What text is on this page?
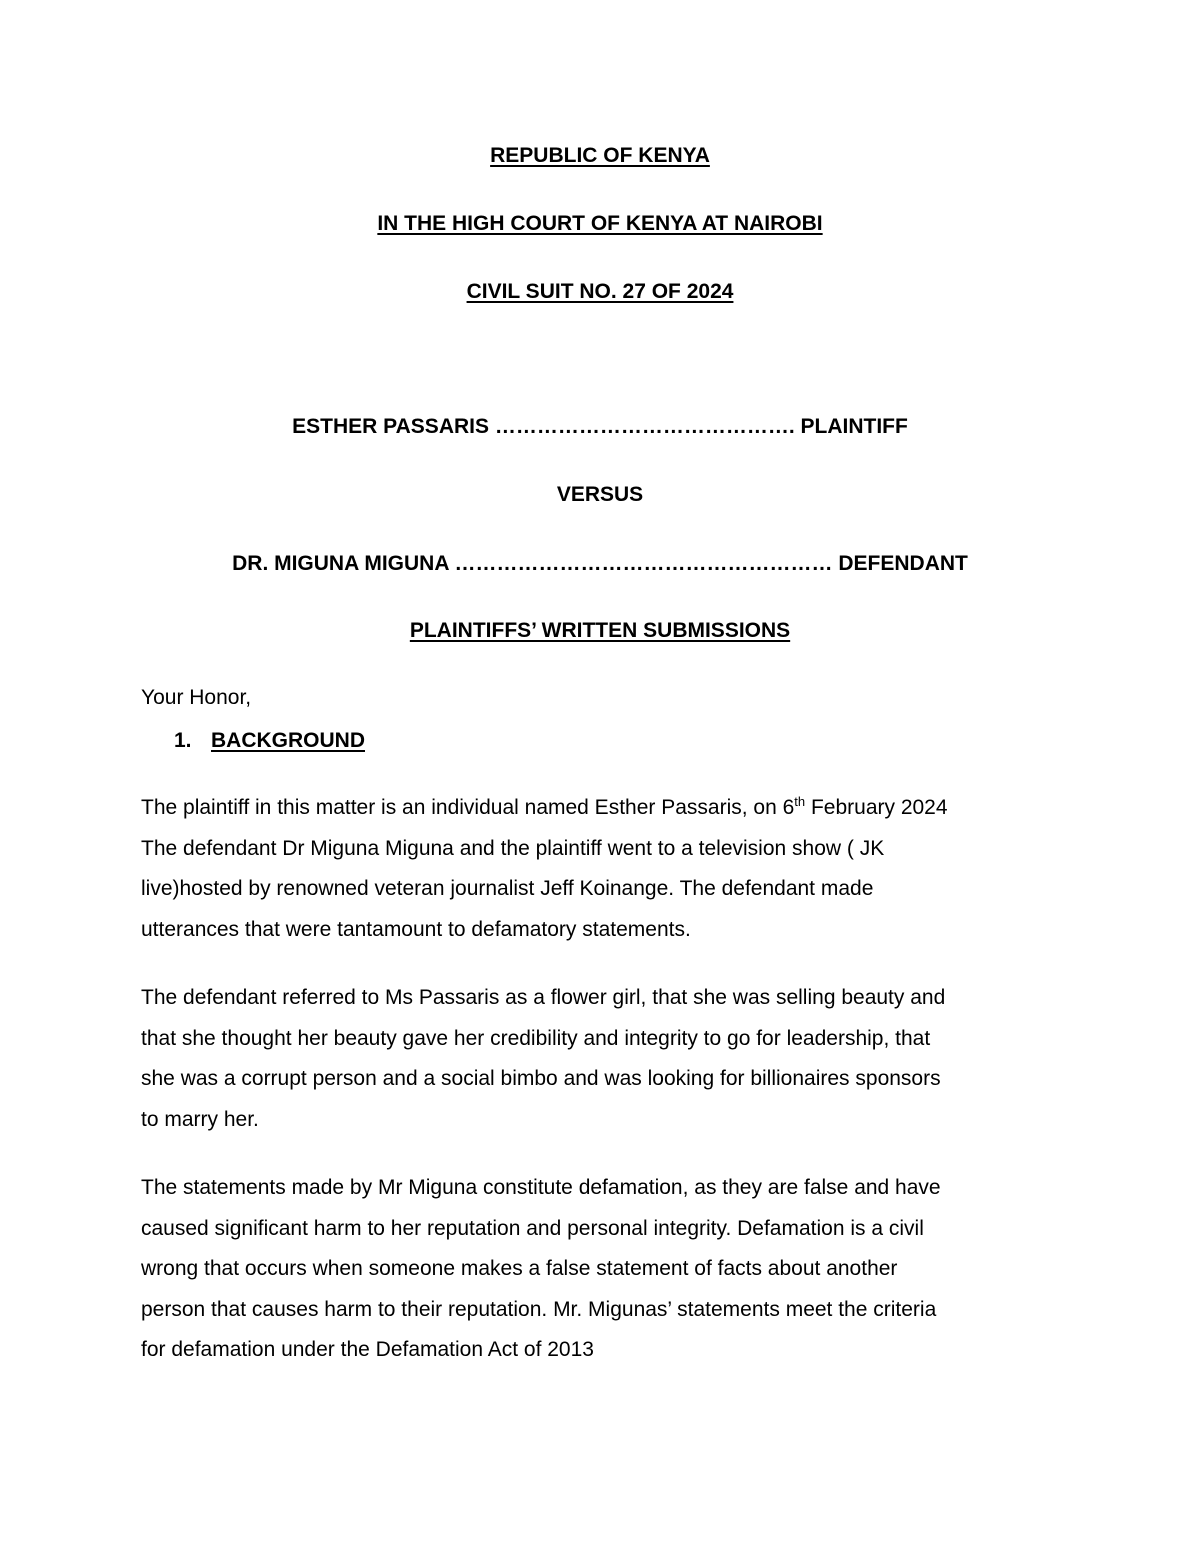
REPUBLIC OF KENYA
IN THE HIGH COURT OF KENYA AT NAIROBI
CIVIL SUIT NO. 27 OF 2024
ESTHER PASSARIS ……………………………………. PLAINTIFF
VERSUS
DR. MIGUNA MIGUNA ……………………………………………… DEFENDANT
PLAINTIFFS’ WRITTEN SUBMISSIONS
Your Honor,
1. BACKGROUND
The plaintiff in this matter is an individual named Esther Passaris, on 6th February 2024
The defendant Dr Miguna Miguna and the plaintiff went to a television show ( JK
live)hosted by renowned veteran journalist Jeff Koinange. The defendant made
utterances that were tantamount to defamatory statements.
The defendant referred to Ms Passaris as a flower girl, that she was selling beauty and
that she thought her beauty gave her credibility and integrity to go for leadership, that
she was a corrupt person and a social bimbo and was looking for billionaires sponsors
to marry her.
The statements made by Mr Miguna constitute defamation, as they are false and have
caused significant harm to her reputation and personal integrity. Defamation is a civil
wrong that occurs when someone makes a false statement of facts about another
person that causes harm to their reputation. Mr. Migunas’ statements meet the criteria
for defamation under the Defamation Act of 2013
